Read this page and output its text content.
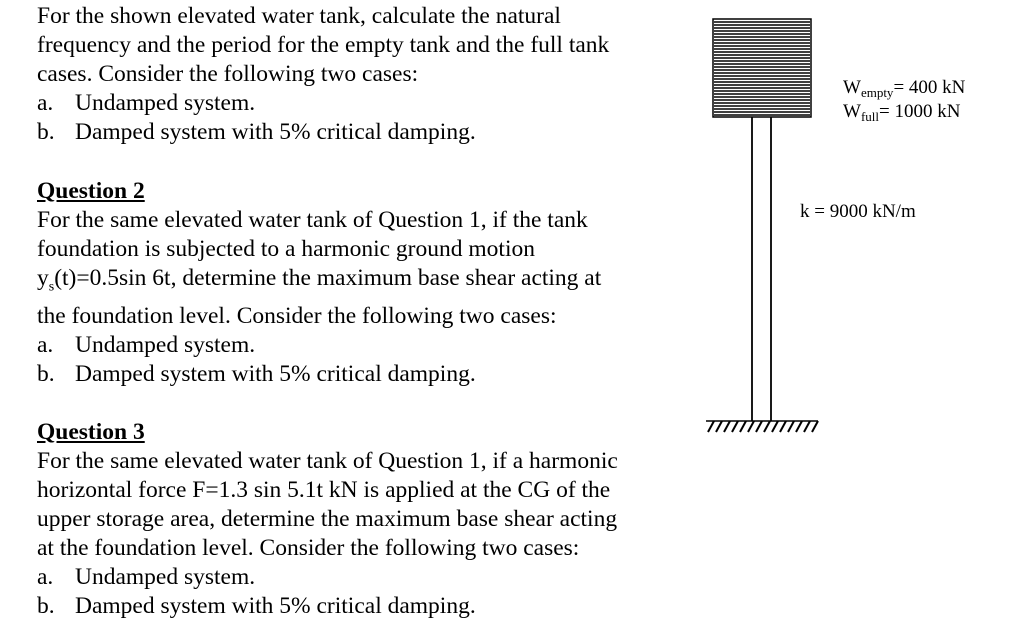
For the shown elevated water tank, calculate the natural

frequency and the period for the empty tank and the full tank

cases. Consider the following two cases:

a. Undamped system.

b. Damped system with 5% critical damping.

Question 2

For the same elevated water tank of Question 1, if the tank

foundation is subjected to a harmonic ground motion

$y_s(t)=0.5\sin$ 6t, determine the maximum base shear acting at

the foundation level. Consider the following two cases:

a. Undamped system.

b. Damped system with 5% critical damping.

Question 3

For the same elevated water tank of Question 1, if a harmonic

horizontal force F=1.3 sin 5.1t kN is applied at the CG of the

upper storage area, determine the maximum base shear acting

at the foundation level. Consider the following two cases:

a. Undamped system.

b. Damped system with 5% critical damping.

$W_{empty}= 400$ kN
$W_{full}= 1000$ kN
k = 9000 kN/m
